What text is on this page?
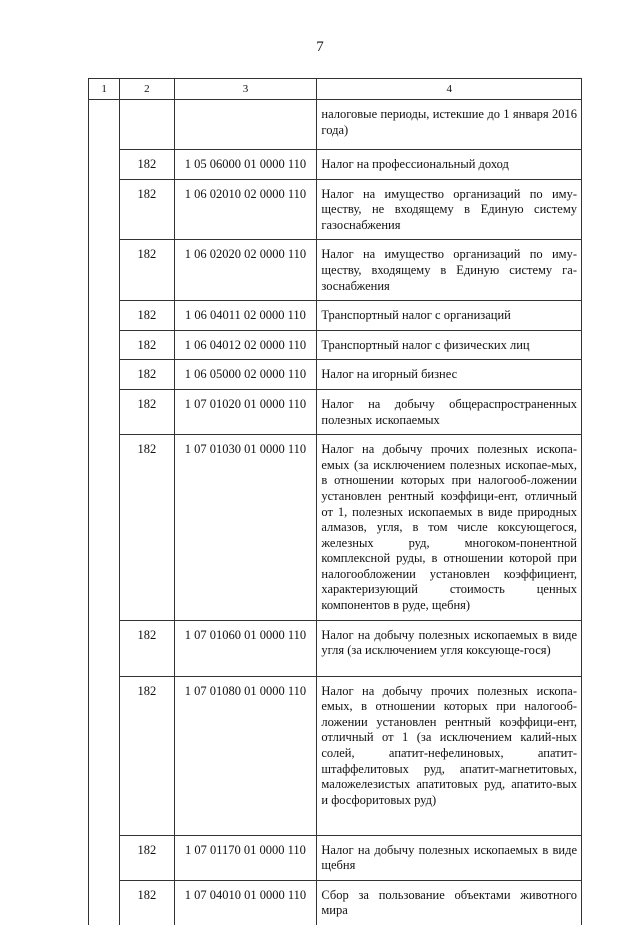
7
1	2	3	4
			налоговые периоды, истекшие до 1 января 2016 года)
	182	1 05 06000 01 0000 110	Налог на профессиональный доход
	182	1 06 02010 02 0000 110	Налог на имущество организаций по иму-ществу, не входящему в Единую систему газоснабжения
	182	1 06 02020 02 0000 110	Налог на имущество организаций по иму-ществу, входящему в Единую систему га-зоснабжения
	182	1 06 04011 02 0000 110	Транспортный налог с организаций
	182	1 06 04012 02 0000 110	Транспортный налог с физических лиц
	182	1 06 05000 02 0000 110	Налог на игорный бизнес
	182	1 07 01020 01 0000 110	Налог на добычу общераспространенных полезных ископаемых
	182	1 07 01030 01 0000 110	Налог на добычу прочих полезных ископа-емых (за исключением полезных ископае-мых, в отношении которых при налогооб-ложении установлен рентный коэффици-ент, отличный от 1, полезных ископаемых в виде природных алмазов, угля, в том числе коксующегося, железных руд, многоком-понентной комплексной руды, в отношении которой при налогообложении установлен коэффициент, характеризующий стоимость ценных компонентов в руде, щебня)
	182	1 07 01060 01 0000 110	Налог на добычу полезных ископаемых в виде угля (за исключением угля коксующе-гося)
	182	1 07 01080 01 0000 110	Налог на добычу прочих полезных ископа-емых, в отношении которых при налогооб-ложении установлен рентный коэффици-ент, отличный от 1 (за исключением калий-ных солей, апатит-нефелиновых, апатит-штаффелитовых руд, апатит-магнетитовых, маложелезистых апатитовых руд, апатито-вых и фосфоритовых руд)
	182	1 07 01170 01 0000 110	Налог на добычу полезных ископаемых в виде щебня
	182	1 07 04010 01 0000 110	Сбор за пользование объектами животного мира
